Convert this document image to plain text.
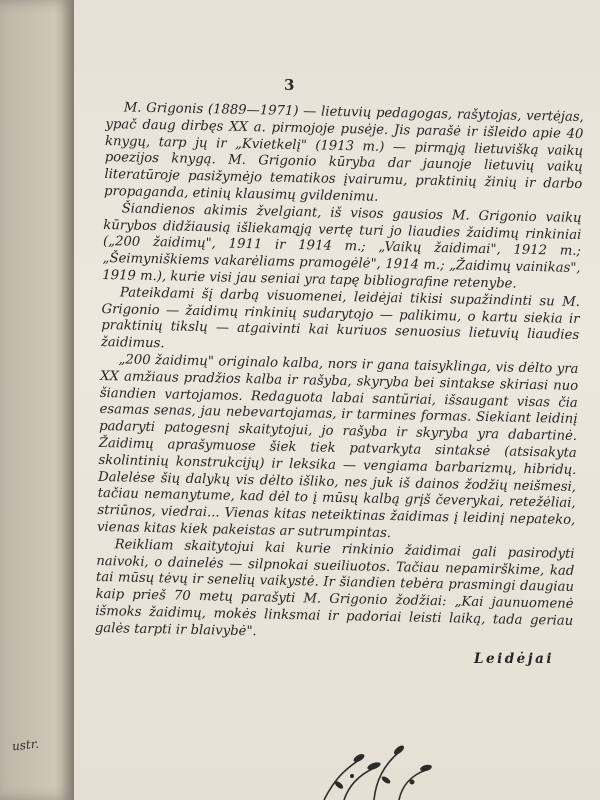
ustr.
3

M. Grigonis (1889—1971) — lietuvių pedagogas, rašytojas, vertėjas, ypač daug dirbęs XX a. pirmojoje pusėje. Jis parašė ir išleido apie 40 knygų, tarp jų ir „Kvietkelį" (1913 m.) — pirmąją lietuvišką vaikų poezijos knygą. M. Grigonio kūryba dar jaunoje lietuvių vaikų literatūroje pasižymėjo tematikos įvairumu, praktinių žinių ir darbo propaganda, etinių klausimų gvildenimu.

Šiandienos akimis žvelgiant, iš visos gausios M. Grigonio vaikų kūrybos didžiausią išliekamąją vertę turi jo liaudies žaidimų rinkiniai („200 žaidimų", 1911 ir 1914 m.; „Vaikų žaidimai", 1912 m.; „Šeimyniškiems vakarėliams pramogėlė", 1914 m.; „Žaidimų vainikas", 1919 m.), kurie visi jau seniai yra tapę bibliografine retenybe.

Pateikdami šį darbą visuomenei, leidėjai tikisi supažindinti su M. Grigonio — žaidimų rinkinių sudarytojo — palikimu, o kartu siekia ir praktinių tikslų — atgaivinti kai kuriuos senuosius lietuvių liaudies žaidimus.

„200 žaidimų" originalo kalba, nors ir gana taisyklinga, vis dėlto yra XX amžiaus pradžios kalba ir rašyba, skyryba bei sintakse skiriasi nuo šiandien vartojamos. Redaguota labai santūriai, išsaugant visas čia esamas senas, jau nebevartojamas, ir tarmines formas. Siekiant leidinį padaryti patogesnį skaitytojui, jo rašyba ir skyryba yra dabartinė. Žaidimų aprašymuose šiek tiek patvarkyta sintaksė (atsisakyta skolintinių konstrukcijų) ir leksika — vengiama barbarizmų, hibridų. Dalelėse šių dalykų vis dėlto išliko, nes juk iš dainos žodžių neišmesi, tačiau nemanytume, kad dėl to į mūsų kalbą grįš čeverykai, retežėliai, striūnos, viedrai... Vienas kitas neteiktinas žaidimas į leidinį nepateko, vienas kitas kiek pakeistas ar sutrumpintas.

Reikliam skaitytojui kai kurie rinkinio žaidimai gali pasirodyti naivoki, o dainelės — silpnokai sueiliuotos. Tačiau nepamirškime, kad tai mūsų tėvų ir senelių vaikystė. Ir šiandien tebėra prasmingi daugiau kaip prieš 70 metų parašyti M. Grigonio žodžiai: „Kai jaunuomenė išmoks žaidimų, mokės linksmai ir padoriai leisti laiką, tada geriau galės tarpti ir blaivybė".

Leidėjai
